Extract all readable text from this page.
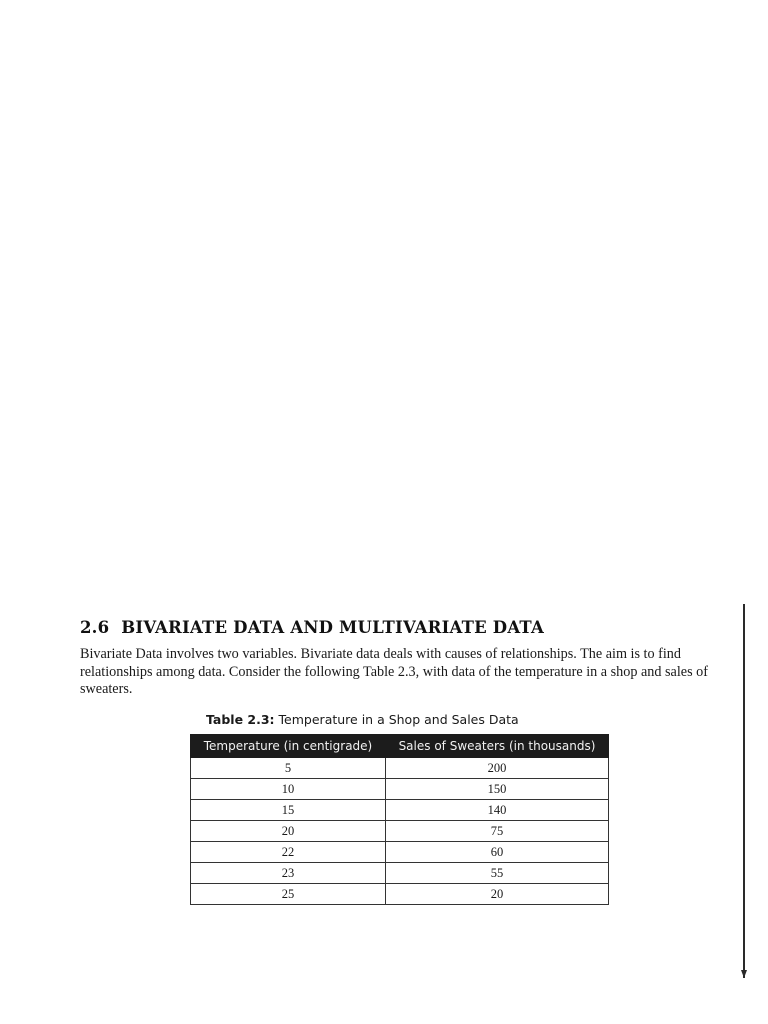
2.6 BIVARIATE DATA AND MULTIVARIATE DATA

Bivariate Data involves two variables. Bivariate data deals with causes of relationships. The aim is to find relationships among data. Consider the following Table 2.3, with data of the temperature in a shop and sales of sweaters.

Table 2.3: Temperature in a Shop and Sales Data
Temperature (in centigrade)	Sales of Sweaters (in thousands)
5	200
10	150
15	140
20	75
22	60
23	55
25	20
